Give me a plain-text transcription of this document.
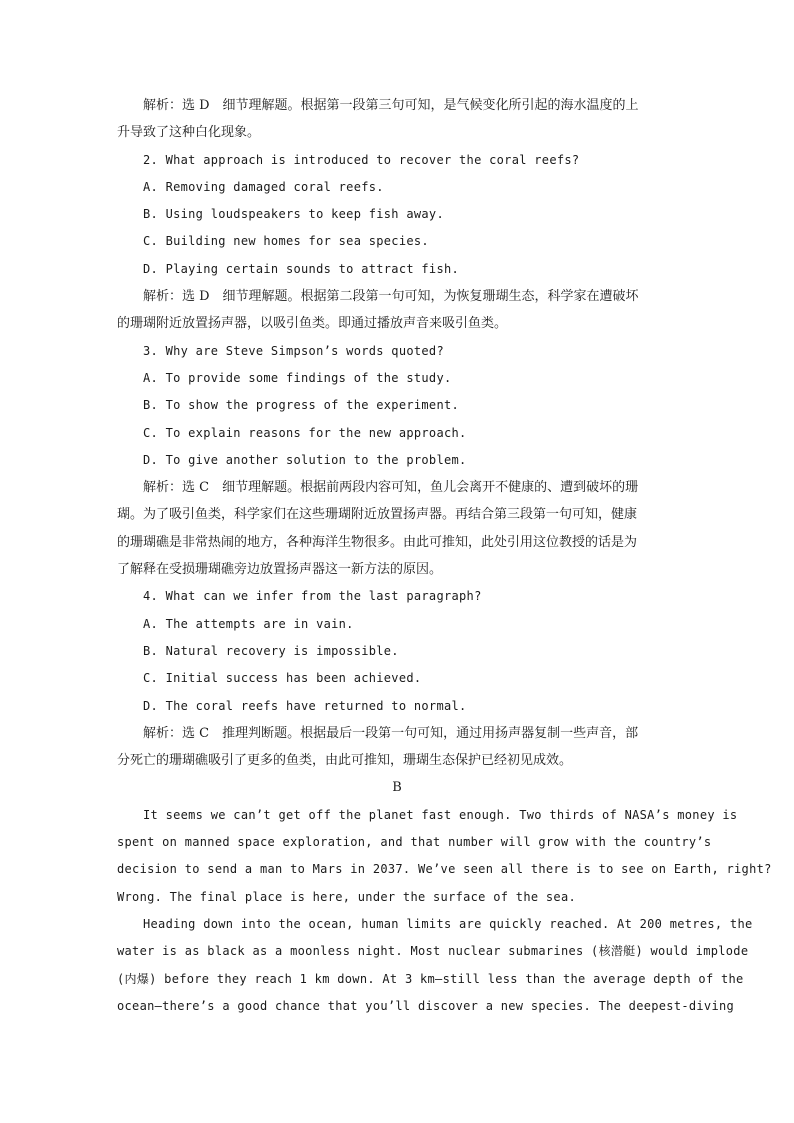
解析：选 D　细节理解题。根据第一段第三句可知，是气候变化所引起的海水温度的上
升导致了这种白化现象。
2. What approach is introduced to recover the coral reefs?
A. Removing damaged coral reefs.
B. Using loudspeakers to keep fish away.
C. Building new homes for sea species.
D. Playing certain sounds to attract fish.
解析：选 D　细节理解题。根据第二段第一句可知，为恢复珊瑚生态，科学家在遭破坏
的珊瑚附近放置扬声器，以吸引鱼类。即通过播放声音来吸引鱼类。
3. Why are Steve Simpson’s words quoted?
A. To provide some findings of the study.
B. To show the progress of the experiment.
C. To explain reasons for the new approach.
D. To give another solution to the problem.
解析：选 C　细节理解题。根据前两段内容可知，鱼儿会离开不健康的、遭到破坏的珊
瑚。为了吸引鱼类，科学家们在这些珊瑚附近放置扬声器。再结合第三段第一句可知，健康
的珊瑚礁是非常热闹的地方，各种海洋生物很多。由此可推知，此处引用这位教授的话是为
了解释在受损珊瑚礁旁边放置扬声器这一新方法的原因。
4. What can we infer from the last paragraph?
A. The attempts are in vain.
B. Natural recovery is impossible.
C. Initial success has been achieved.
D. The coral reefs have returned to normal.
解析：选 C　推理判断题。根据最后一段第一句可知，通过用扬声器复制一些声音，部
分死亡的珊瑚礁吸引了更多的鱼类，由此可推知，珊瑚生态保护已经初见成效。
B
It seems we can’t get off the planet fast enough. Two thirds of NASA’s money is
spent on manned space exploration, and that number will grow with the country’s
decision to send a man to Mars in 2037. We’ve seen all there is to see on Earth, right?
Wrong. The final place is here, under the surface of the sea.
Heading down into the ocean, human limits are quickly reached. At 200 metres, the
water is as black as a moonless night. Most nuclear submarines (核潜艇) would implode
(内爆) before they reach 1 km down. At 3 km—still less than the average depth of the
ocean—there’s a good chance that you’ll discover a new species. The deepest-diving
